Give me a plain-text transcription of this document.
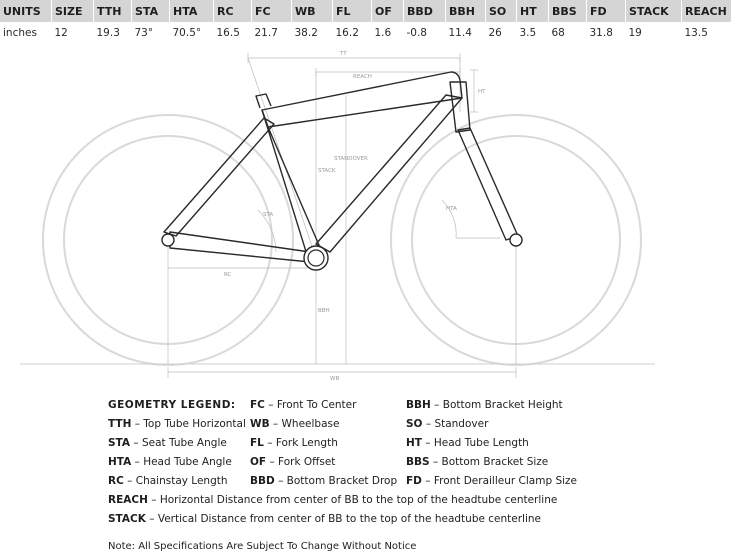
UNITS	SIZE	TTH	STA	HTA	RC	FC	WB	FL	OF	BBD	BBH	SO	HT	BBS	FD	STACK	REACH
inches	12	19.3	73°	70.5°	16.5	21.7	38.2	16.2	1.6	-0.8	11.4	26	3.5	68	31.8	19	13.5
TT
REACH
HT
STACK
STANDOVER
STA
HTA
RC
BBH
WB
GEOMETRY LEGEND: FC – Front To Center	BBH – Bottom Bracket Height
TTH – Top Tube Horizontal WB – Wheelbase	SO – Standover
STA – Seat Tube Angle FL – Fork Length	HT – Head Tube Length
HTA – Head Tube Angle OF – Fork Offset	BBS – Bottom Bracket Size
RC – Chainstay Length BBD – Bottom Bracket Drop FD – Front Derailleur Clamp Size
REACH – Horizontal Distance from center of BB to the top of the headtube centerline
STACK – Vertical Distance from center of BB to the top of the headtube centerline
Note: All Specifications Are Subject To Change Without Notice
